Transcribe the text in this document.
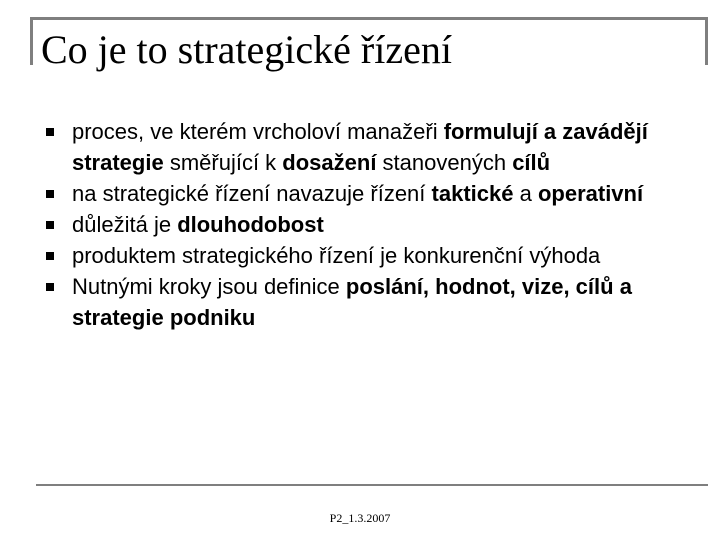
Co je to strategické řízení
proces, ve kterém vrcholoví manažeři formulují a zavádějí strategie směřující k dosažení stanovených cílů
na strategické řízení navazuje řízení taktické a operativní
důležitá je dlouhodobost
produktem strategického řízení je konkurenční výhoda
Nutnými kroky jsou definice poslání, hodnot, vize, cílů a strategie podniku
P2_1.3.2007
